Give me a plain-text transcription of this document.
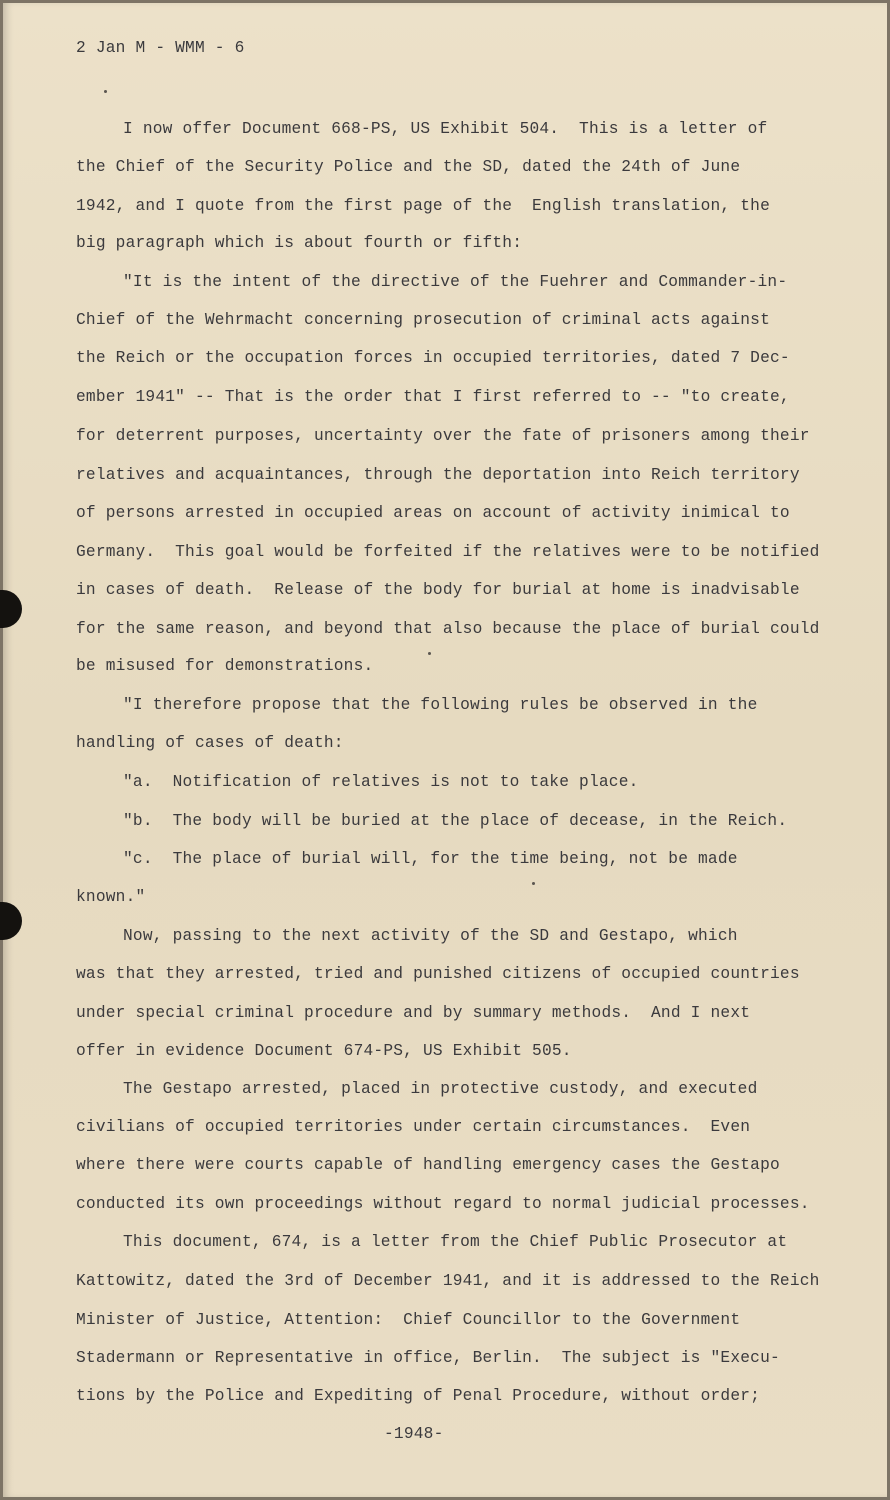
2 Jan M - WMM - 6
I now offer Document 668-PS, US Exhibit 504.  This is a letter of
the Chief of the Security Police and the SD, dated the 24th of June
1942, and I quote from the first page of the  English translation, the
big paragraph which is about fourth or fifth:
"It is the intent of the directive of the Fuehrer and Commander-in-
Chief of the Wehrmacht concerning prosecution of criminal acts against
the Reich or the occupation forces in occupied territories, dated 7 Dec-
ember 1941" -- That is the order that I first referred to -- "to create,
for deterrent purposes, uncertainty over the fate of prisoners among their
relatives and acquaintances, through the deportation into Reich territory
of persons arrested in occupied areas on account of activity inimical to
Germany.  This goal would be forfeited if the relatives were to be notified
in cases of death.  Release of the body for burial at home is inadvisable
for the same reason, and beyond that also because the place of burial could
be misused for demonstrations.
"I therefore propose that the following rules be observed in the
handling of cases of death:
"a.  Notification of relatives is not to take place.
"b.  The body will be buried at the place of decease, in the Reich.
"c.  The place of burial will, for the time being, not be made
known."
Now, passing to the next activity of the SD and Gestapo, which
was that they arrested, tried and punished citizens of occupied countries
under special criminal procedure and by summary methods.  And I next
offer in evidence Document 674-PS, US Exhibit 505.
The Gestapo arrested, placed in protective custody, and executed
civilians of occupied territories under certain circumstances.  Even
where there were courts capable of handling emergency cases the Gestapo
conducted its own proceedings without regard to normal judicial processes.
This document, 674, is a letter from the Chief Public Prosecutor at
Kattowitz, dated the 3rd of December 1941, and it is addressed to the Reich
Minister of Justice, Attention:  Chief Councillor to the Government
Stadermann or Representative in office, Berlin.  The subject is "Execu-
tions by the Police and Expediting of Penal Procedure, without order;
-1948-
